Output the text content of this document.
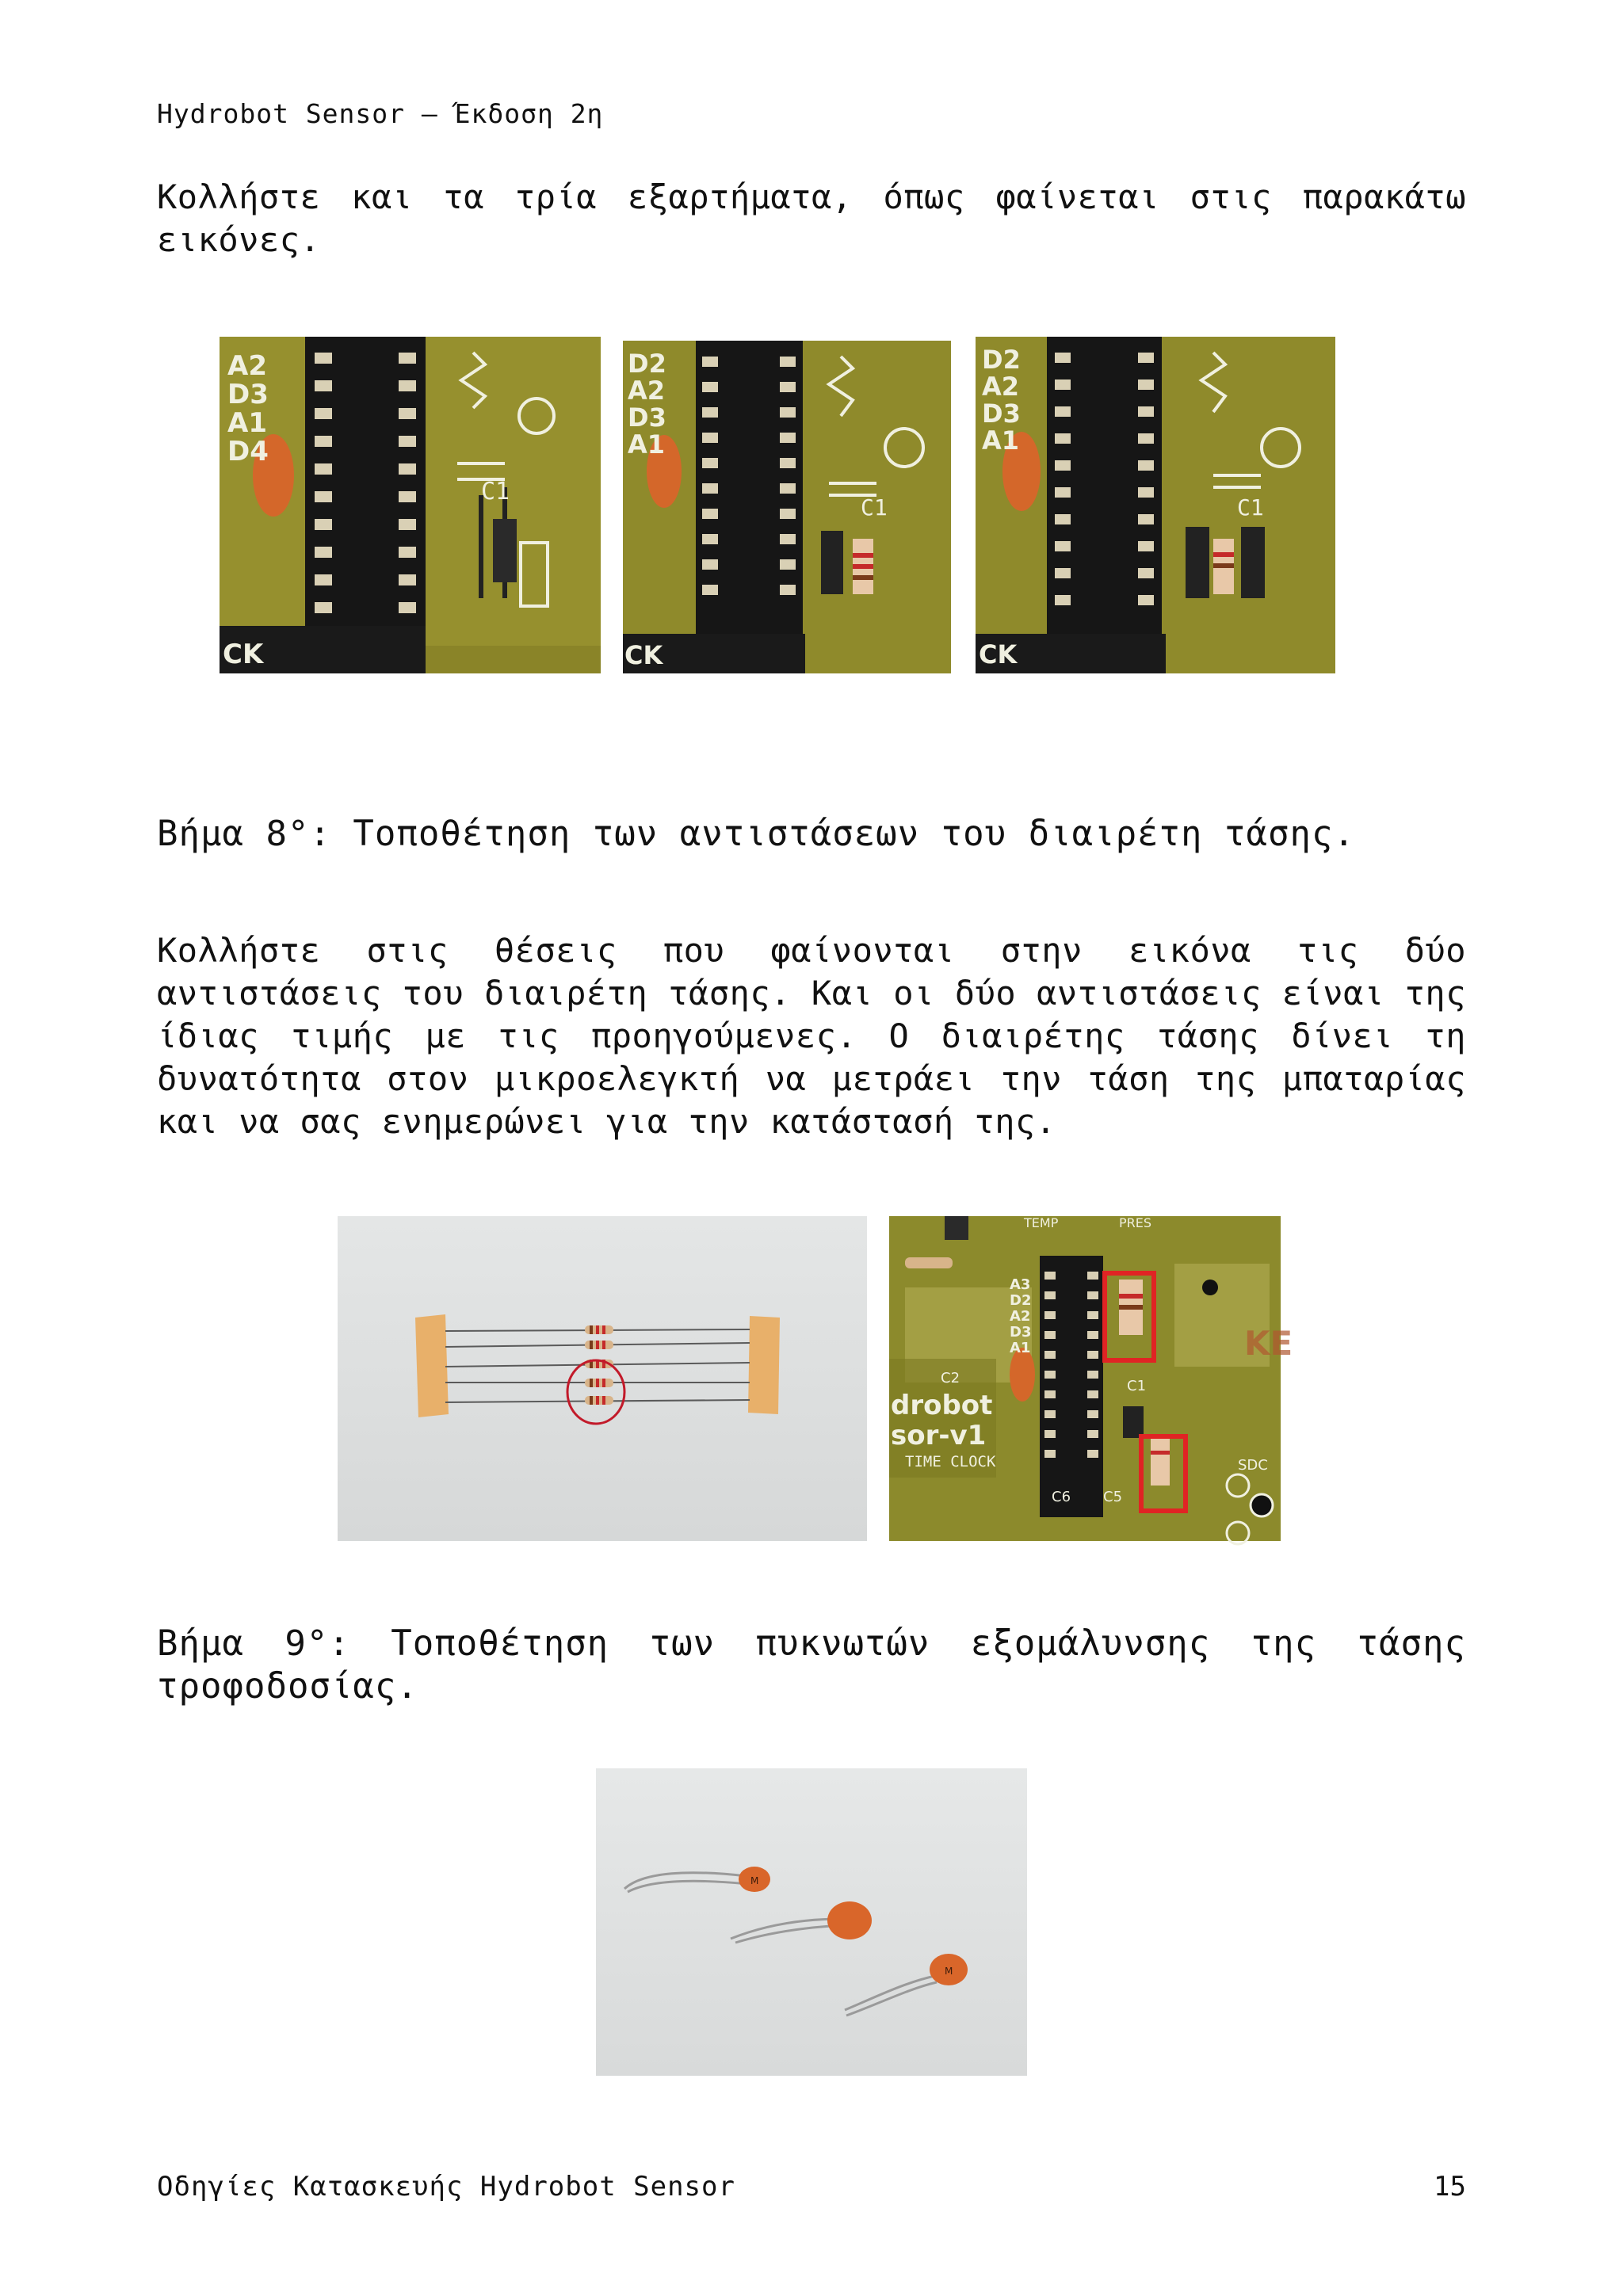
Hydrobot Sensor – Έκδοση 2η
Κολλήστε και τα τρία εξαρτήματα, όπως φαίνεται στις παρακάτω εικόνες.
C1
A2
D3
A1
D4
CK
C1
D2
A2
D3
A1
CK
C1
D2
A2
D3
A1
CK
Βήμα 8°: Τοποθέτηση των αντιστάσεων του διαιρέτη τάσης.
Κολλήστε στις θέσεις που φαίνονται στην εικόνα τις δύο αντιστάσεις του διαιρέτη τάσης. Και οι δύο αντιστάσεις είναι της ίδιας τιμής με τις προηγούμενες. Ο διαιρέτης τάσης δίνει τη δυνατότητα στον μικροελεγκτή να μετράει την τάση της μπαταρίας και να σας ενημερώνει για την κατάστασή της.
A3
D2
A2
D3
A1
C2	C1
C5
C6
drobot
sor-v1
TIME CLOCK
TEMP	PRES
SDC
KE
Βήμα 9°: Τοποθέτηση των πυκνωτών εξομάλυνσης της τάσης τροφοδοσίας.
M
M
Οδηγίες Κατασκευής Hydrobot Sensor	15
